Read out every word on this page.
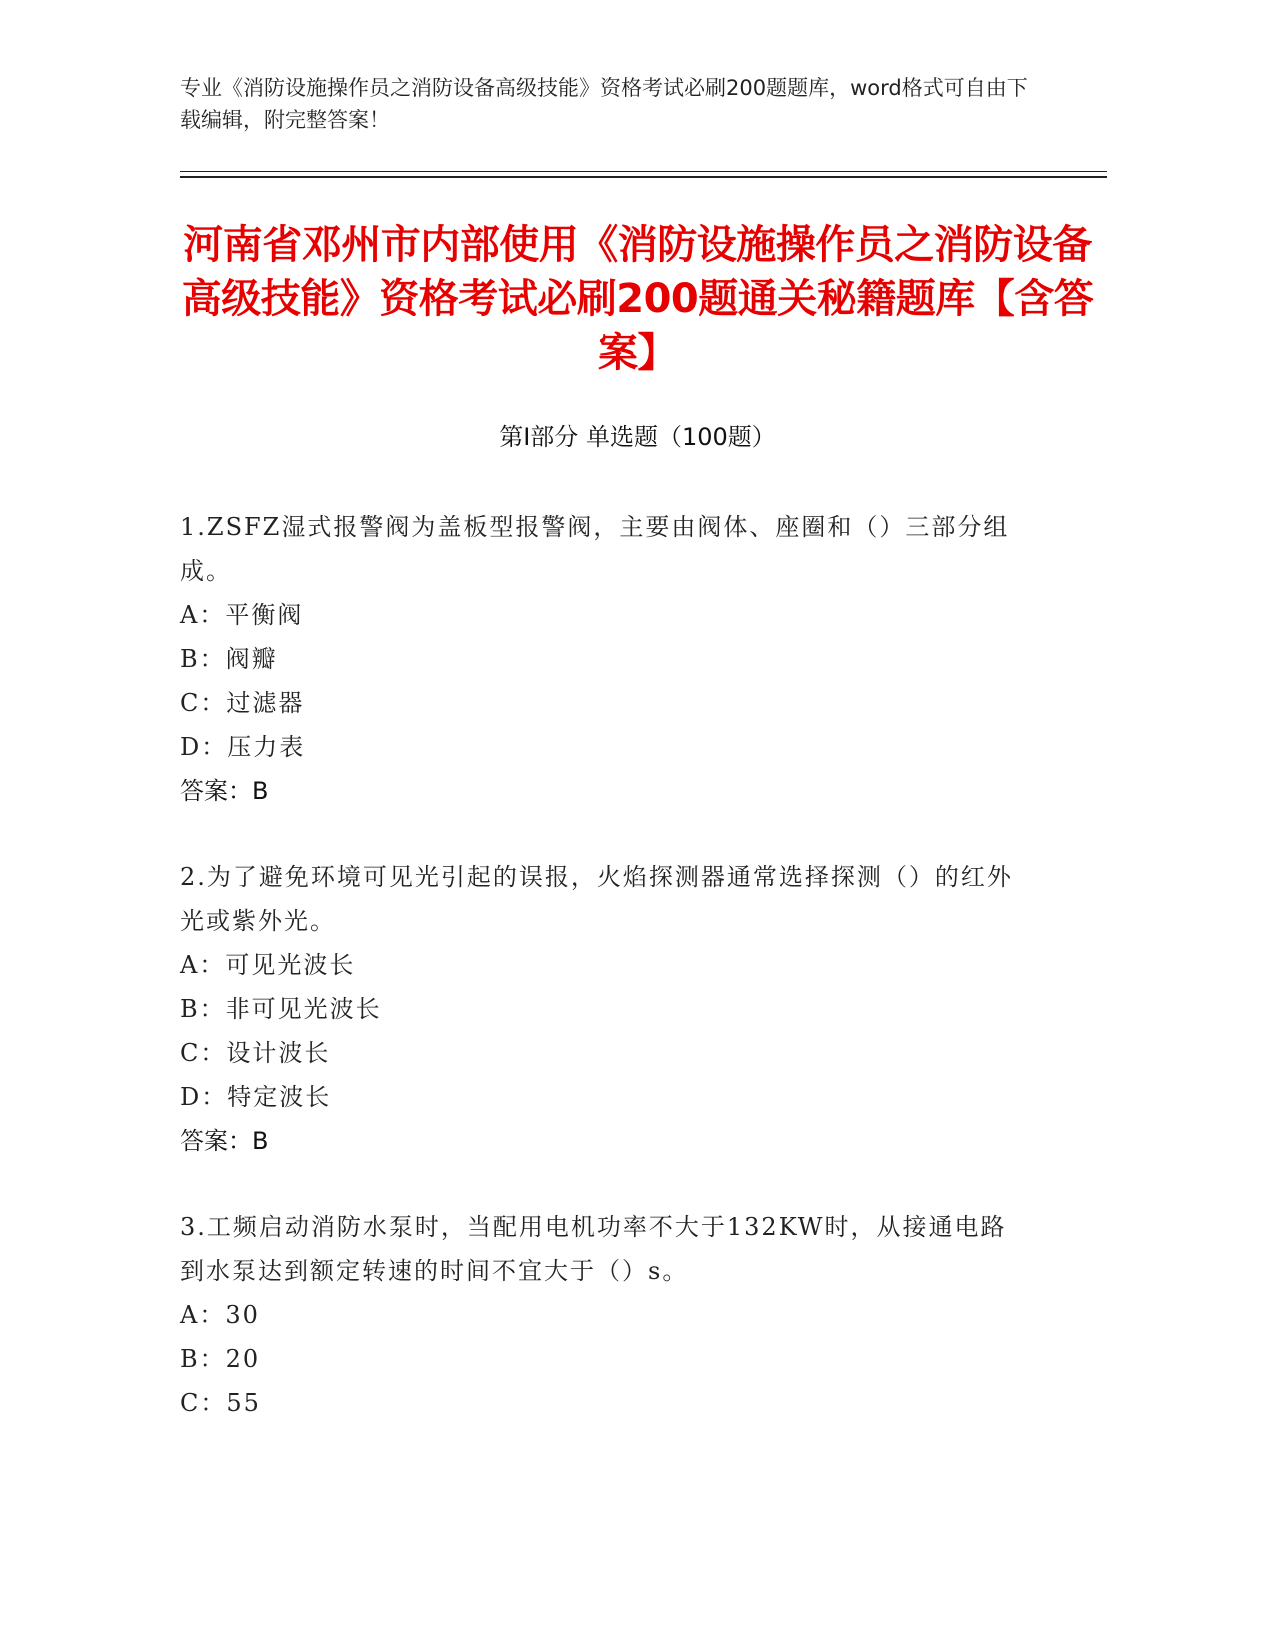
专业《消防设施操作员之消防设备高级技能》资格考试必刷200题题库，word格式可自由下载编辑，附完整答案！
河南省邓州市内部使用《消防设施操作员之消防设备高级技能》资格考试必刷200题通关秘籍题库【含答案】
第I部分 单选题（100题）
1.ZSFZ湿式报警阀为盖板型报警阀，主要由阀体、座圈和（）三部分组成。
A：平衡阀
B：阀瓣
C：过滤器
D：压力表
答案：B
2.为了避免环境可见光引起的误报，火焰探测器通常选择探测（）的红外光或紫外光。
A：可见光波长
B：非可见光波长
C：设计波长
D：特定波长
答案：B
3.工频启动消防水泵时，当配用电机功率不大于132KW时，从接通电路到水泵达到额定转速的时间不宜大于（）s。
A：30
B：20
C：55
